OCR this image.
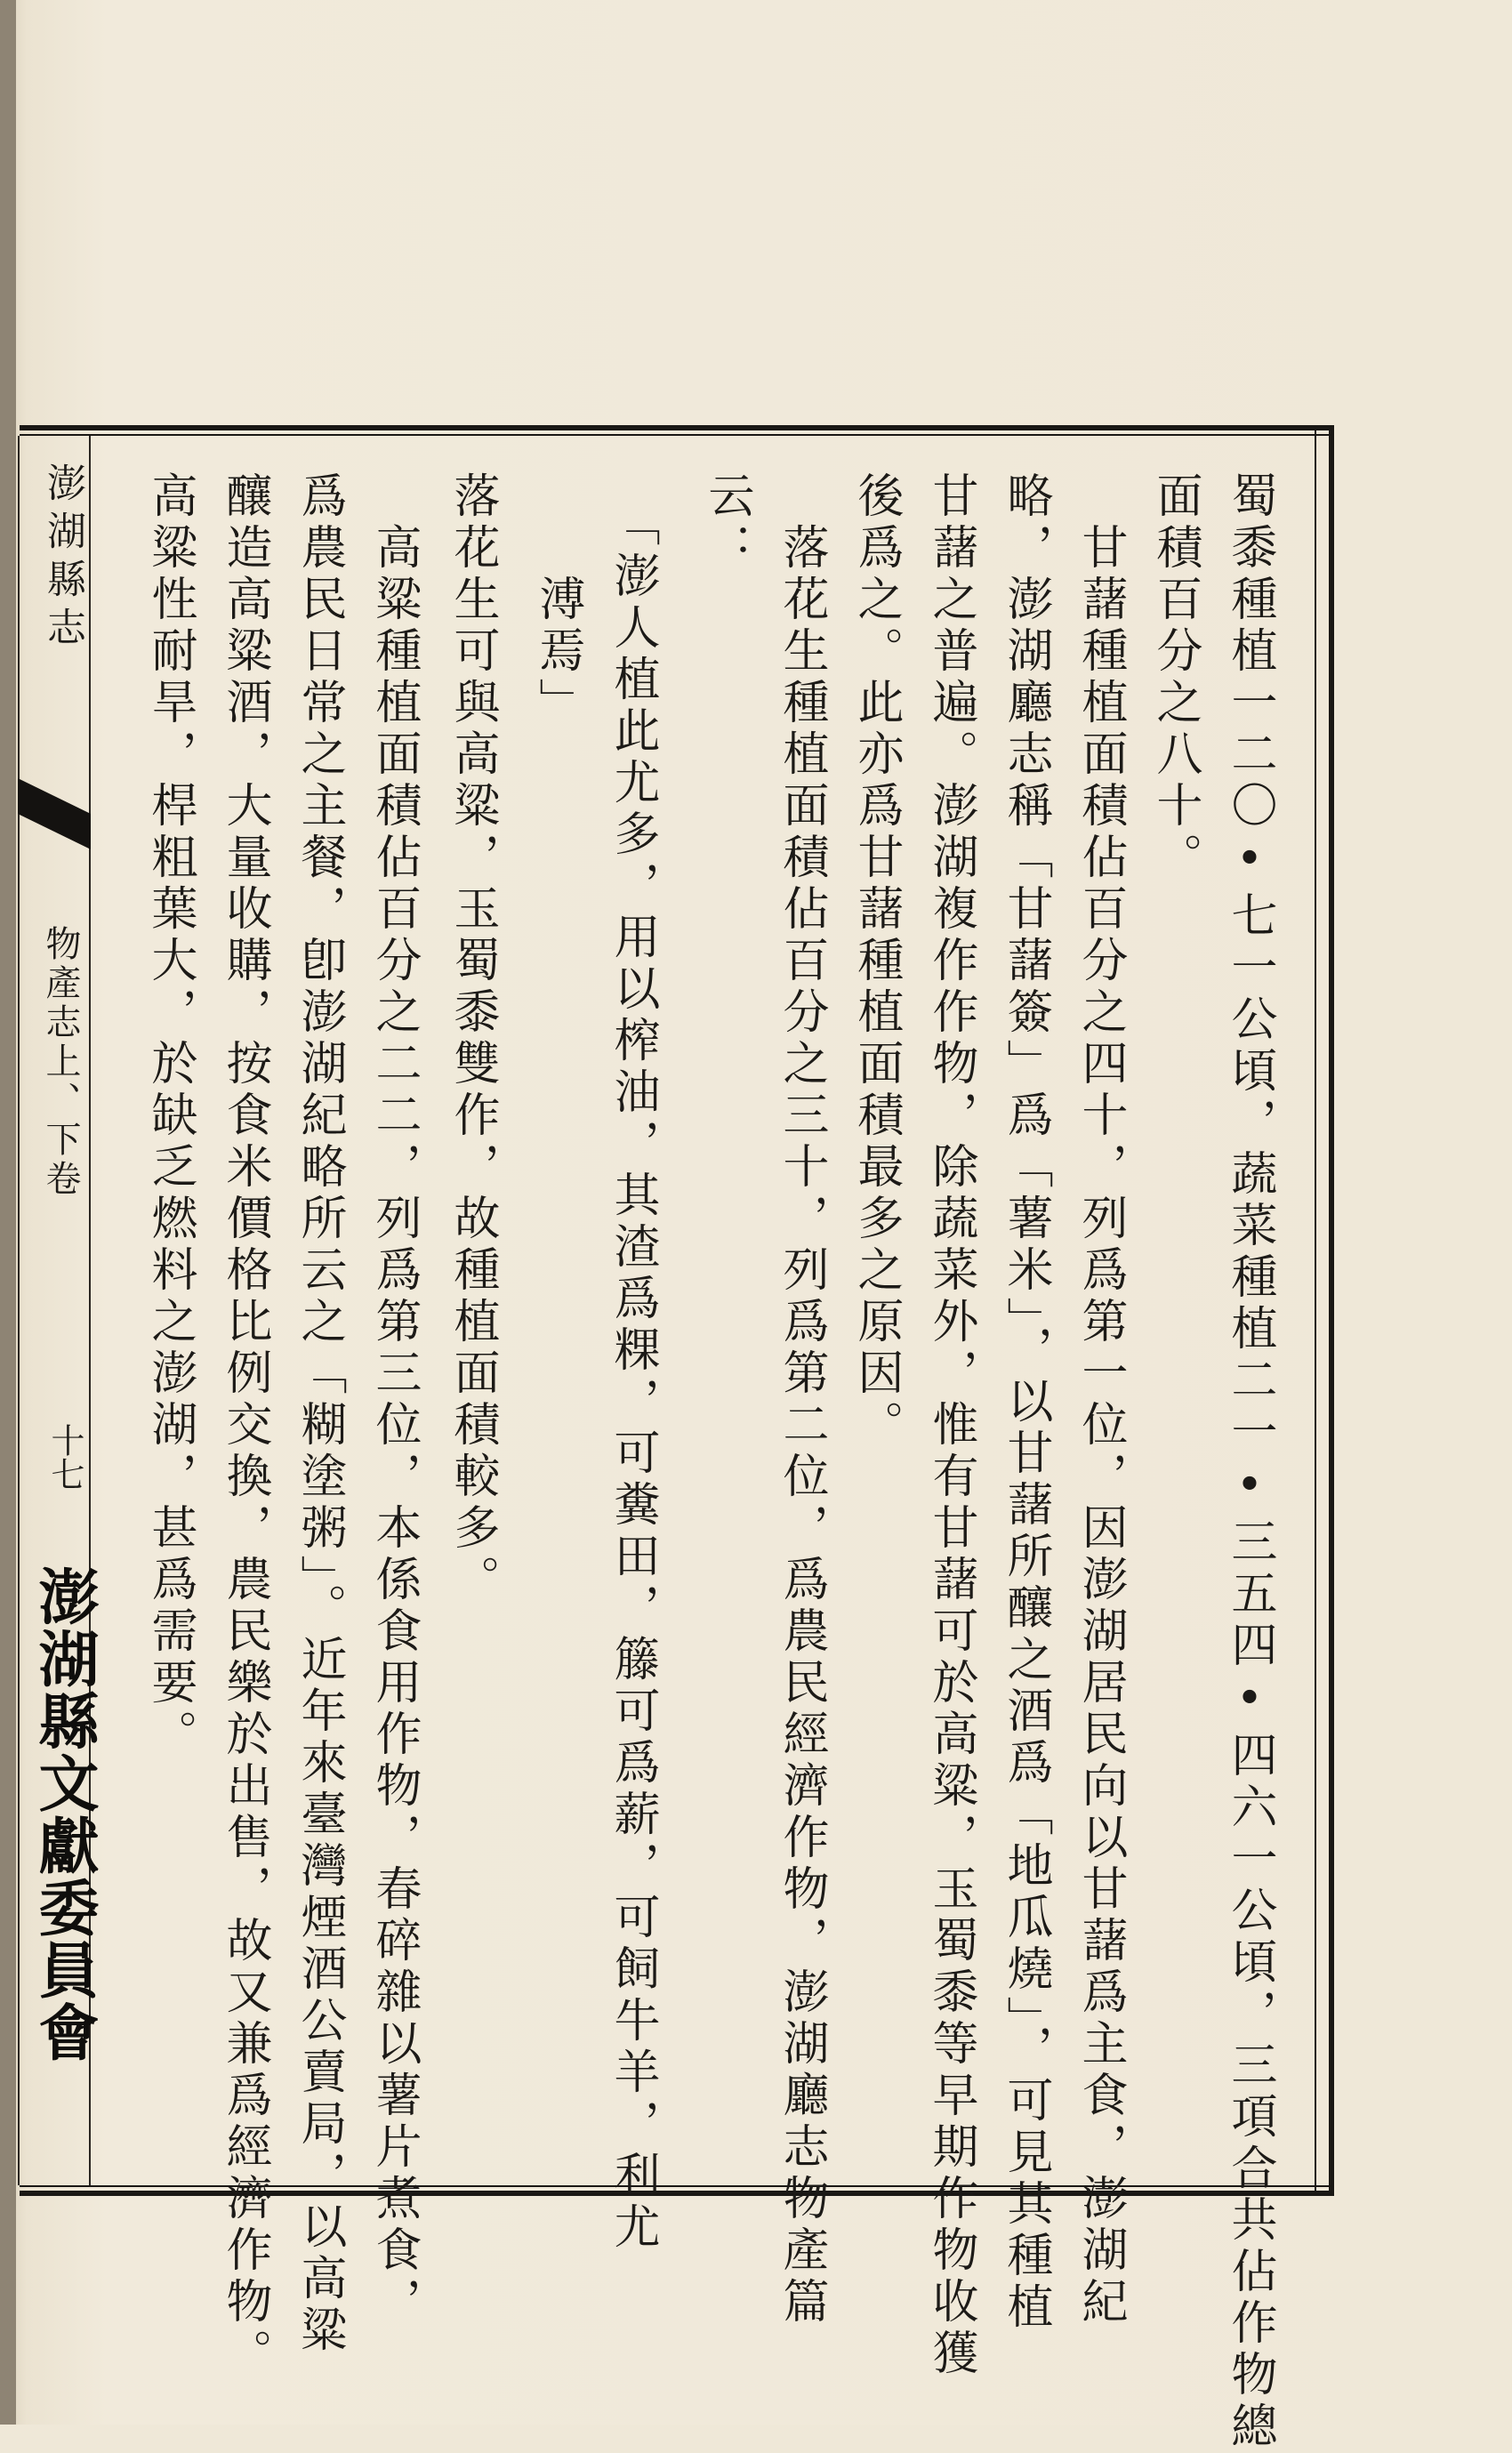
澎湖縣志
物產志上、下卷
十七
澎湖縣文獻委員會	蜀黍種植一二〇•七一公頃，蔬菜種植二一•三五四•四六一公頃，三項合共佔作物總
面積百分之八十。
　甘藷種植面積佔百分之四十，列爲第一位，因澎湖居民向以甘藷爲主食，澎湖紀
略，澎湖廳志稱「甘藷簽」爲「薯米」，以甘藷所釀之酒爲「地瓜燒」，可見其種植
甘藷之普遍。澎湖複作作物，除蔬菜外，惟有甘藷可於高粱，玉蜀黍等早期作物收獲
後爲之。此亦爲甘藷種植面積最多之原因。
　落花生種植面積佔百分之三十，列爲第二位，爲農民經濟作物，澎湖廳志物產篇
云：
　「澎人植此尤多，用以榨油，其渣爲粿，可糞田，籐可爲薪，可飼牛羊，利尤
　　溥焉」
落花生可與高粱，玉蜀黍雙作，故種植面積較多。
　高粱種植面積佔百分之二二，列爲第三位，本係食用作物，春碎雜以薯片煮食，
爲農民日常之主餐，卽澎湖紀略所云之「糊塗粥」。近年來臺灣煙酒公賣局，以高粱
釀造高粱酒，大量收購，按食米價格比例交換，農民樂於出售，故又兼爲經濟作物。
高粱性耐旱，桿粗葉大，於缺乏燃料之澎湖，甚爲需要。
